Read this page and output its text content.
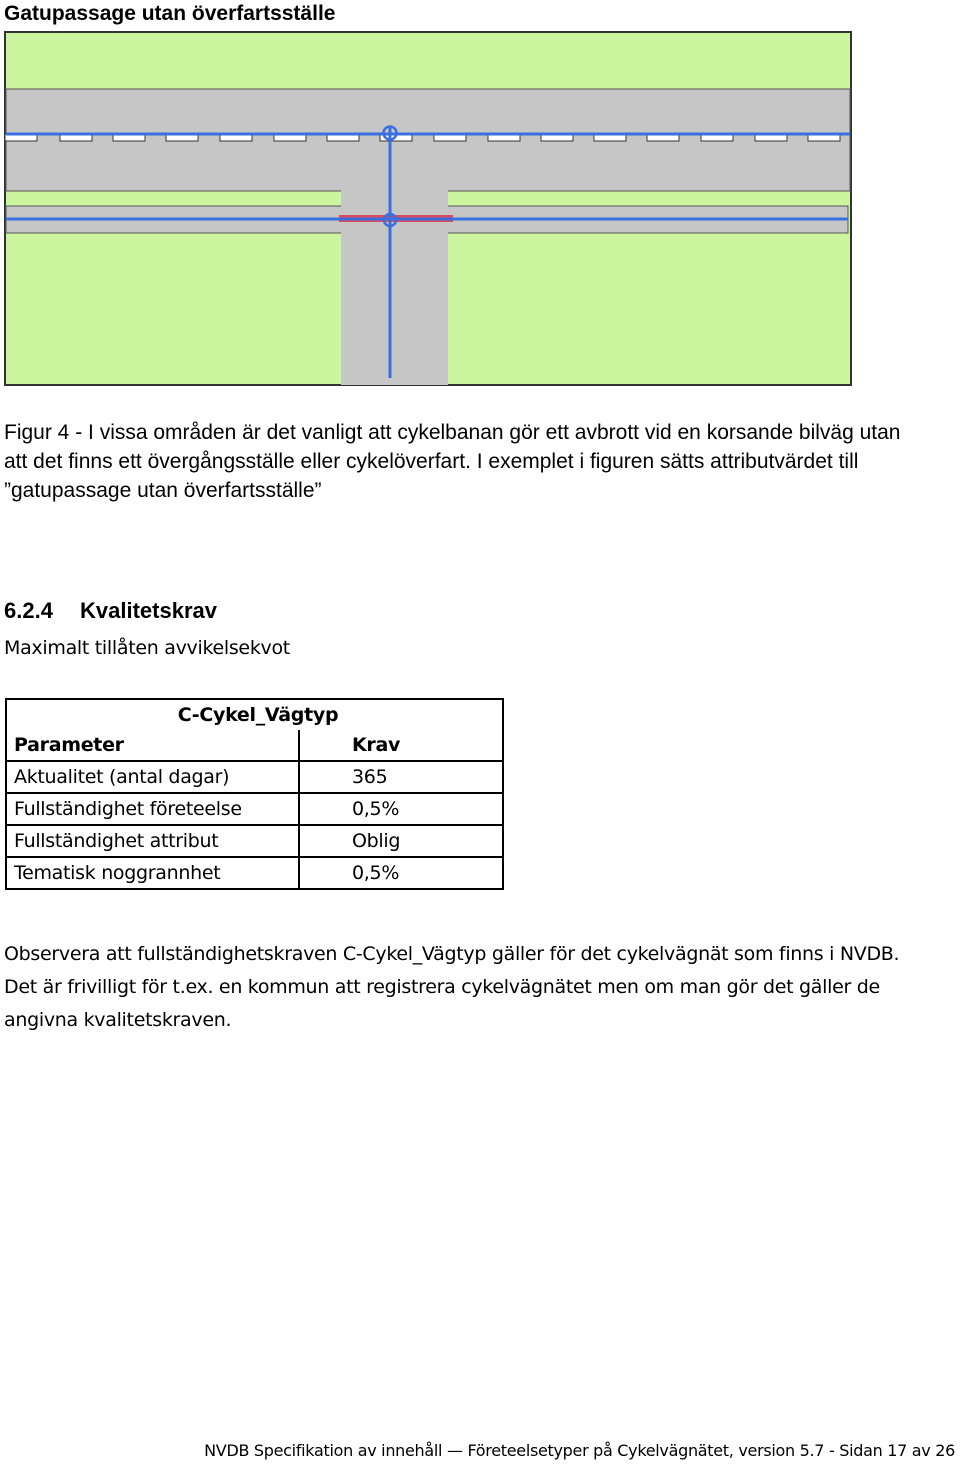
Gatupassage utan överfartsställe
Figur 4 - I vissa områden är det vanligt att cykelbanan gör ett avbrott vid en korsande bilväg utan att det finns ett övergångsställe eller cykelöverfart. I exemplet i figuren sätts attributvärdet till ”gatupassage utan överfartsställe”
6.2.4 Kvalitetskrav
Maximalt tillåten avvikelsekvot
C-Cykel_Vägtyp	
Parameter	Krav
Aktualitet (antal dagar)	365
Fullständighet företeelse	0,5%
Fullständighet attribut	Oblig
Tematisk noggrannhet	0,5%
Observera att fullständighetskraven C-Cykel_Vägtyp gäller för det cykelvägnät som finns i NVDB. Det är frivilligt för t.ex. en kommun att registrera cykelvägnätet men om man gör det gäller de angivna kvalitetskraven.
NVDB Specifikation av innehåll — Företeelsetyper på Cykelvägnätet, version 5.7 - Sidan 17 av 26
